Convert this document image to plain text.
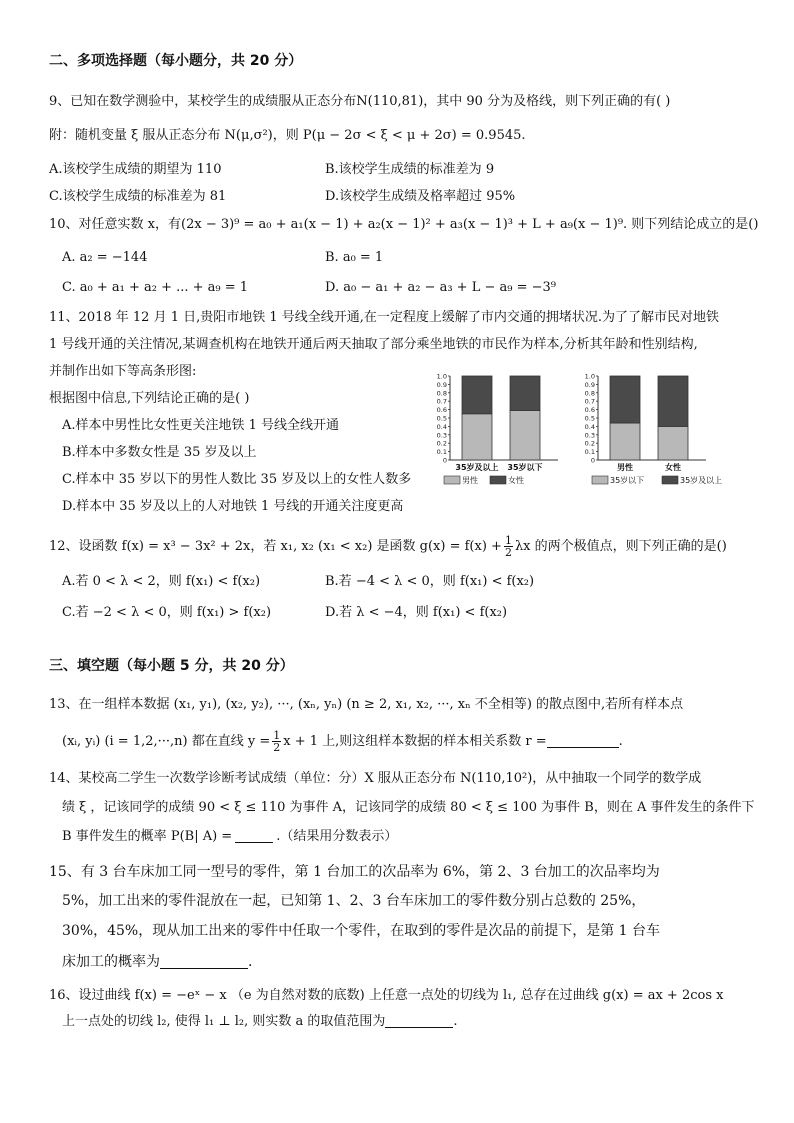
二、多项选择题（每小题分，共 20 分）
9、已知在数学测验中，某校学生的成绩服从正态分布N(110,81)，其中 90 分为及格线，则下列正确的有( )
附：随机变量 ξ 服从正态分布 N(μ,σ²)，则 P(μ − 2σ < ξ < μ + 2σ) = 0.9545.
A.该校学生成绩的期望为 110	B.该校学生成绩的标准差为 9
C.该校学生成绩的标准差为 81	D.该校学生成绩及格率超过 95%
10、对任意实数 x，有(2x − 3)⁹ = a₀ + a₁(x − 1) + a₂(x − 1)² + a₃(x − 1)³ + L + a₉(x − 1)⁹. 则下列结论成立的是()
A. a₂ = −144	B. a₀ = 1
C. a₀ + a₁ + a₂ + ... + a₉ = 1	D. a₀ − a₁ + a₂ − a₃ + L − a₉ = −3⁹
11、2018 年 12 月 1 日,贵阳市地铁 1 号线全线开通,在一定程度上缓解了市内交通的拥堵状况.为了了解市民对地铁
1 号线开通的关注情况,某调查机构在地铁开通后两天抽取了部分乘坐地铁的市民作为样本,分析其年龄和性别结构,
并制作出如下等高条形图:
根据图中信息,下列结论正确的是( )
A.样本中男性比女性更关注地铁 1 号线全线开通
B.样本中多数女性是 35 岁及以上
C.样本中 35 岁以下的男性人数比 35 岁及以上的女性人数多
D.样本中 35 岁及以上的人对地铁 1 号线的开通关注度更高
0
0.1
0.2
0.3
0.4
0.5
0.6
0.7
0.8
0.9
1.0
35岁及以上 35岁以下
男性	女性
0
0.1
0.2
0.3
0.4
0.5
0.6
0.7
0.8
0.9
1.0
男性	女性
35岁以下	35岁及以上
12、设函数 f(x) = x³ − 3x² + 2x，若 x₁, x₂ (x₁ < x₂) 是函数 $g(x) = f(x) + \frac{1}{2}$ λx 的两个极值点，则下列正确的是()
A.若 0 < λ < 2，则 f(x₁) < f(x₂)	B.若 −4 < λ < 0，则 f(x₁) < f(x₂)
C.若 −2 < λ < 0，则 f(x₁) > f(x₂)	D.若 λ < −4，则 f(x₁) < f(x₂)
三、填空题（每小题 5 分，共 20 分）
13、在一组样本数据 (x₁, y₁), (x₂, y₂), ···, (xₙ, yₙ) (n ≥ 2, x₁, x₂, ···, xₙ 不全相等) 的散点图中,若所有样本点
(xᵢ, yᵢ) (i = 1,2,···,n) 都在直线 $y = \frac{1}{2}$ x + 1 上,则这组样本数据的样本相关系数 r =	.
14、某校高二学生一次数学诊断考试成绩（单位：分）X 服从正态分布 N(110,10²)，从中抽取一个同学的数学成
绩 ξ ，记该同学的成绩 90 < ξ ≤ 110 为事件 A，记该同学的成绩 80 < ξ ≤ 100 为事件 B，则在 A 事件发生的条件下
B 事件发生的概率 P(B| A) =	.（结果用分数表示）
15、有 3 台车床加工同一型号的零件，第 1 台加工的次品率为 6%，第 2、3 台加工的次品率均为
5%，加工出来的零件混放在一起，已知第 1、2、3 台车床加工的零件数分别占总数的 25%，
30%，45%，现从加工出来的零件中任取一个零件，在取到的零件是次品的前提下，是第 1 台车
床加工的概率为	.
16、设过曲线 f(x) = −eˣ − x （e 为自然对数的底数) 上任意一点处的切线为 l₁, 总存在过曲线 g(x) = ax + 2cos x
上一点处的切线 l₂, 使得 l₁ ⊥ l₂, 则实数 a 的取值范围为	.
